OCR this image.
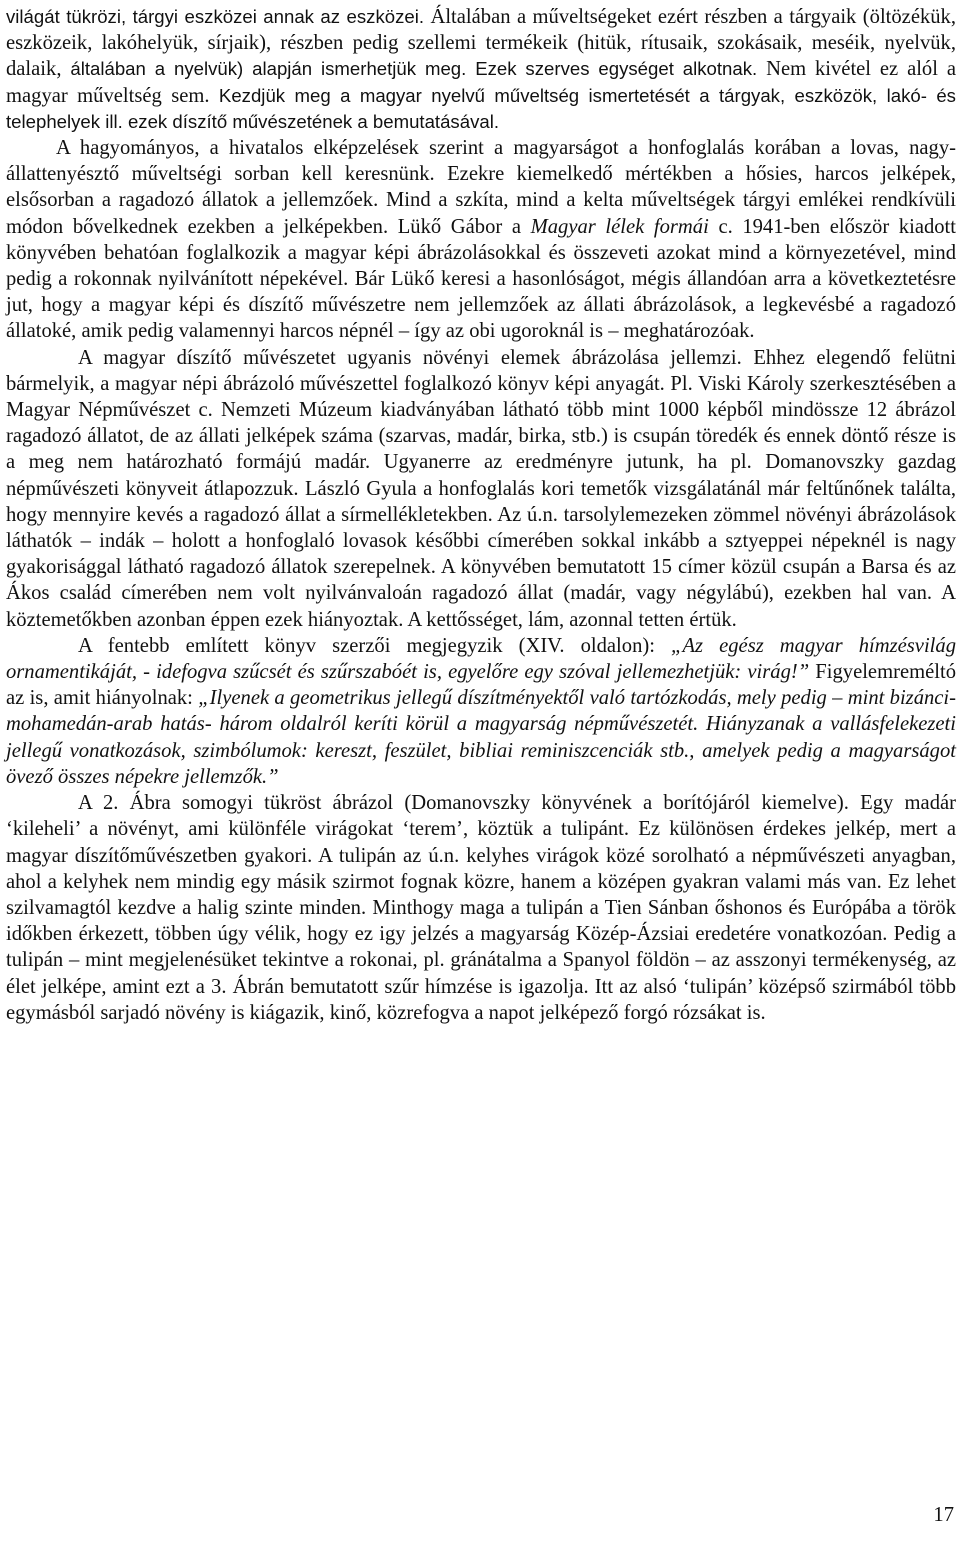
világát tükrözi, tárgyi eszközei annak az eszközei. Általában a műveltségeket ezért részben a tárgyaik (öltözékük, eszközeik, lakóhelyük, sírjaik), részben pedig szellemi termékeik (hitük, rítusaik, szokásaik, meséik, nyelvük, dalaik, általában a nyelvük) alapján ismerhetjük meg. Ezek szerves egységet alkotnak. Nem kivétel ez alól a magyar műveltség sem. Kezdjük meg a magyar nyelvű műveltség ismertetését a tárgyak, eszközök, lakó- és telephelyek ill. ezek díszítő művészetének a bemutatásával.

A hagyományos, a hivatalos elképzelések szerint a magyarságot a honfoglalás korában a lovas, nagy-állattenyésztő műveltségi sorban kell keresnünk. Ezekre kiemelkedő mértékben a hősies, harcos jelképek, elsősorban a ragadozó állatok a jellemzőek. Mind a szkíta, mind a kelta műveltségek tárgyi emlékei rendkívüli módon bővelkednek ezekben a jelképekben. Lükő Gábor a Magyar lélek formái c. 1941-ben először kiadott könyvében behatóan foglalkozik a magyar képi ábrázolásokkal és összeveti azokat mind a környezetével, mind pedig a rokonnak nyilvánított népekével. Bár Lükő keresi a hasonlóságot, mégis állandóan arra a következtetésre jut, hogy a magyar képi és díszítő művészetre nem jellemzőek az állati ábrázolások, a legkevésbé a ragadozó állatoké, amik pedig valamennyi harcos népnél – így az obi ugoroknál is – meghatározóak.

A magyar díszítő művészetet ugyanis növényi elemek ábrázolása jellemzi. Ehhez elegendő felütni bármelyik, a magyar népi ábrázoló művészettel foglalkozó könyv képi anyagát. Pl. Viski Károly szerkesztésében a Magyar Népművészet c. Nemzeti Múzeum kiadványában látható több mint 1000 képből mindössze 12 ábrázol ragadozó állatot, de az állati jelképek száma (szarvas, madár, birka, stb.) is csupán töredék és ennek döntő része is a meg nem határozható formájú madár. Ugyanerre az eredményre jutunk, ha pl. Domanovszky gazdag népművészeti könyveit átlapozzuk. László Gyula a honfoglalás kori temetők vizsgálatánál már feltűnőnek találta, hogy mennyire kevés a ragadozó állat a sírmellékletekben. Az ú.n. tarsolylemezeken zömmel növényi ábrázolások láthatók – indák – holott a honfoglaló lovasok későbbi címerében sokkal inkább a sztyeppei népeknél is nagy gyakorisággal látható ragadozó állatok szerepelnek. A könyvében bemutatott 15 címer közül csupán a Barsa és az Ákos család címerében nem volt nyilvánvaloán ragadozó állat (madár, vagy négylábú), ezekben hal van. A köztemetőkben azonban éppen ezek hiányoztak. A kettősséget, lám, azonnal tetten értük.

A fentebb említett könyv szerzői megjegyzik (XIV. oldalon): „Az egész magyar hímzésvilág ornamentikáját, - idefogva szűcsét és szűrszabóét is, egyelőre egy szóval jellemezhetjük: virág!” Figyelemreméltó az is, amit hiányolnak: „Ilyenek a geometrikus jellegű díszítményektől való tartózkodás, mely pedig – mint bizánci-mohamedán-arab hatás- három oldalról keríti körül a magyarság népművészetét. Hiányzanak a vallásfelekezeti jellegű vonatkozások, szimbólumok: kereszt, feszület, bibliai reminiszcenciák stb., amelyek pedig a magyarságot övező összes népekre jellemzők.”

A 2. Ábra somogyi tükröst ábrázol (Domanovszky könyvének a borítójáról kiemelve). Egy madár ‘kileheli’ a növényt, ami különféle virágokat ‘terem’, köztük a tulipánt. Ez különösen érdekes jelkép, mert a magyar díszítőművészetben gyakori. A tulipán az ú.n. kelyhes virágok közé sorolható a népművészeti anyagban, ahol a kelyhek nem mindig egy másik szirmot fognak közre, hanem a középen gyakran valami más van. Ez lehet szilvamagtól kezdve a halig szinte minden. Minthogy maga a tulipán a Tien Sánban őshonos és Európába a török időkben érkezett, többen úgy vélik, hogy ez igy jelzés a magyarság Közép-Ázsiai eredetére vonatkozóan. Pedig a tulipán – mint megjelenésüket tekintve a rokonai, pl. gránátalma a Spanyol földön – az asszonyi termékenység, az élet jelképe, amint ezt a 3. Ábrán bemutatott szűr hímzése is igazolja. Itt az alsó ‘tulipán’ középső szirmából több egymásból sarjadó növény is kiágazik, kinő, közrefogva a napot jelképező forgó rózsákat is.

17
